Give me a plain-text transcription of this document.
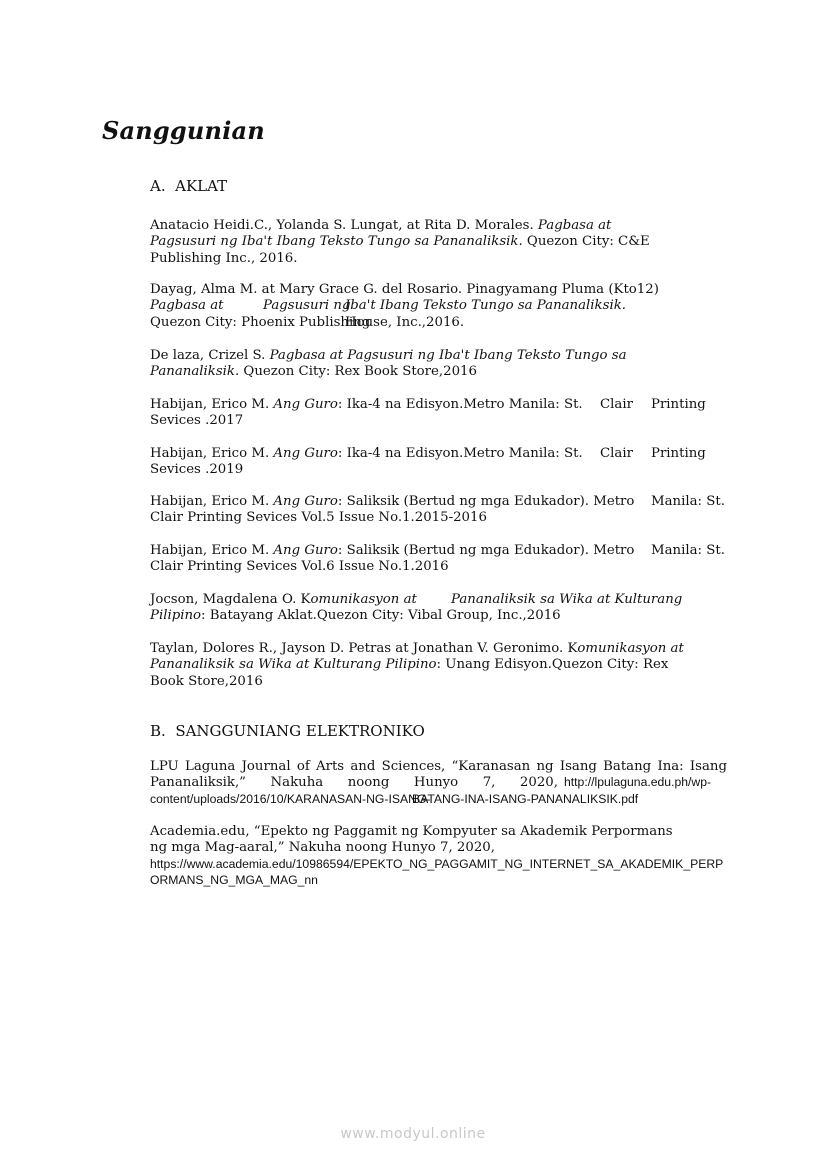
Sanggunian
A.  AKLAT
B.  SANGGUNIANG ELEKTRONIKO
Anatacio Heidi.C., Yolanda S. Lungat, at Rita D. Morales. Pagbasa at
Pagsusuri ng Iba't Ibang Teksto Tungo sa Pananaliksik. Quezon City: C&E
Publishing Inc., 2016.
Dayag, Alma M. at Mary Grace G. del Rosario. Pinagyamang Pluma (Kto12)
Pagbasa at	Pagsusuri ng
Iba't Ibang Teksto Tungo sa Pananaliksik.
Quezon City: Phoenix Publishing
House, Inc.,2016.
De laza, Crizel S. Pagbasa at Pagsusuri ng Iba't Ibang Teksto Tungo sa
Pananaliksik. Quezon City: Rex Book Store,2016
Habijan, Erico M. Ang Guro: Ika-4 na Edisyon.Metro Manila: St. Clair Printing
Sevices .2017
Habijan, Erico M. Ang Guro: Ika-4 na Edisyon.Metro Manila: St. Clair Printing
Sevices .2019
Habijan, Erico M. Ang Guro: Saliksik (Bertud ng mga Edukador). Metro Manila: St.
Clair Printing Sevices Vol.5 Issue No.1.2015-2016
Habijan, Erico M. Ang Guro: Saliksik (Bertud ng mga Edukador). Metro Manila: St.
Clair Printing Sevices Vol.6 Issue No.1.2016
Jocson, Magdalena O. Komunikasyon at	Pananaliksik sa Wika at Kulturang
Pilipino: Batayang Aklat.Quezon City: Vibal Group, Inc.,2016
Taylan, Dolores R., Jayson D. Petras at Jonathan V. Geronimo. Komunikasyon at
Pananaliksik sa Wika at Kulturang Pilipino: Unang Edisyon.Quezon City: Rex
Book Store,2016
LPU Laguna Journal of Arts and Sciences, “Karanasan ng Isang Batang Ina: Isang
Pananaliksik,” Nakuha noong Hunyo 7, 2020, http://lpulaguna.edu.ph/wp-
content/uploads/2016/10/KARANASAN-NG-ISANG-
BATANG-INA-ISANG-PANANALIKSIK.pdf
Academia.edu, “Epekto ng Paggamit ng Kompyuter sa Akademik Perpormans
ng mga Mag-aaral,” Nakuha noong Hunyo 7, 2020,
https://www.academia.edu/10986594/EPEKTO_NG_PAGGAMIT_NG_INTERNET_SA_AKADEMIK_PERP
ORMANS_NG_MGA_MAG_nn
www.modyul.online
